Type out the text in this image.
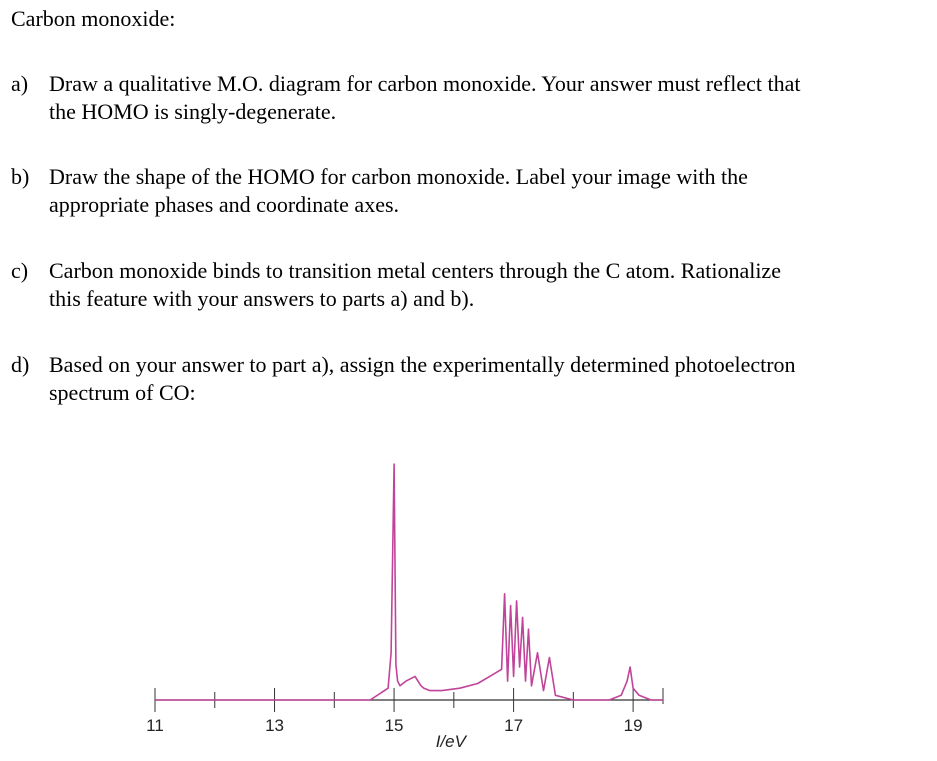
Carbon monoxide:
a) Draw a qualitative M.O. diagram for carbon monoxide. Your answer must reflect that
the HOMO is singly-degenerate.
b) Draw the shape of the HOMO for carbon monoxide. Label your image with the
appropriate phases and coordinate axes.
c) Carbon monoxide binds to transition metal centers through the C atom. Rationalize
this feature with your answers to parts a) and b).
d) Based on your answer to part a), assign the experimentally determined photoelectron
spectrum of CO:
11	13	15	17	19
I/eV
